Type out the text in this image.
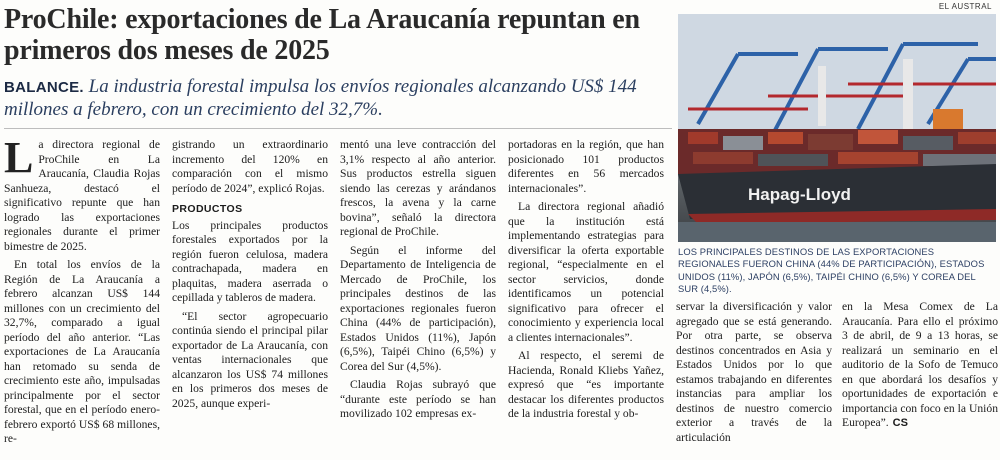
EL AUSTRAL
ProChile: exportaciones de La Araucanía repuntan en primeros dos meses de 2025

BALANCE. La industria forestal impulsa los envíos regionales alcanzando US$ 144 millones a febrero, con un crecimiento del 32,7%.

La directora regional de ProChile en La Araucanía, Claudia Rojas Sanhueza, destacó el significativo repunte que han logrado las exportaciones regionales durante el primer bimestre de 2025.

En total los envíos de la Región de La Araucanía a febrero alcanzan US$ 144 millones con un crecimiento del 32,7%, comparado a igual período del año anterior. “Las exportaciones de La Araucanía han retomado su senda de crecimiento este año, impulsadas principalmente por el sector forestal, que en el período enero-febrero exportó US$ 68 millones, re-

gistrando un extraordinario incremento del 120% en comparación con el mismo período de 2024”, explicó Rojas.

PRODUCTOS

Los principales productos forestales exportados por la región fueron celulosa, madera contrachapada, madera en plaquitas, madera aserrada o cepillada y tableros de madera.

“El sector agropecuario continúa siendo el principal pilar exportador de La Araucanía, con ventas internacionales que alcanzaron los US$ 74 millones en los primeros dos meses de 2025, aunque experi-

mentó una leve contracción del 3,1% respecto al año anterior. Sus productos estrella siguen siendo las cerezas y arándanos frescos, la avena y la carne bovina”, señaló la directora regional de ProChile.

Según el informe del Departamento de Inteligencia de Mercado de ProChile, los principales destinos de las exportaciones regionales fueron China (44% de participación), Estados Unidos (11%), Japón (6,5%), Taipéi Chino (6,5%) y Corea del Sur (4,5%).

Claudia Rojas subrayó que “durante este período se han movilizado 102 empresas ex-

portadoras en la región, que han posicionado 101 productos diferentes en 56 mercados internacionales”.

La directora regional añadió que la institución está implementando estrategias para diversificar la oferta exportable regional, “especialmente en el sector servicios, donde identificamos un potencial significativo para ofrecer el conocimiento y experiencia local a clientes internacionales”.

Al respecto, el seremi de Hacienda, Ronald Kliebs Yañez, expresó que “es importante destacar los diferentes productos de la industria forestal y ob-

Hapag-Lloyd
LOS PRINCIPALES DESTINOS DE LAS EXPORTACIONES REGIONALES FUERON CHINA (44% DE PARTICIPACIÓN), ESTADOS UNIDOS (11%), JAPÓN (6,5%), TAIPÉI CHINO (6,5%) Y COREA DEL SUR (4,5%).

servar la diversificación y valor agregado que se está generando. Por otra parte, se observa destinos concentrados en Asia y Estados Unidos por lo que estamos trabajando en diferentes instancias para ampliar los destinos de nuestro comercio exterior a través de la articulación

en la Mesa Comex de La Araucanía. Para ello el próximo 3 de abril, de 9 a 13 horas, se realizará un seminario en el auditorio de la Sofo de Temuco en que abordará los desafíos y oportunidades de exportación e importancia con foco en la Unión Europea”. CS
